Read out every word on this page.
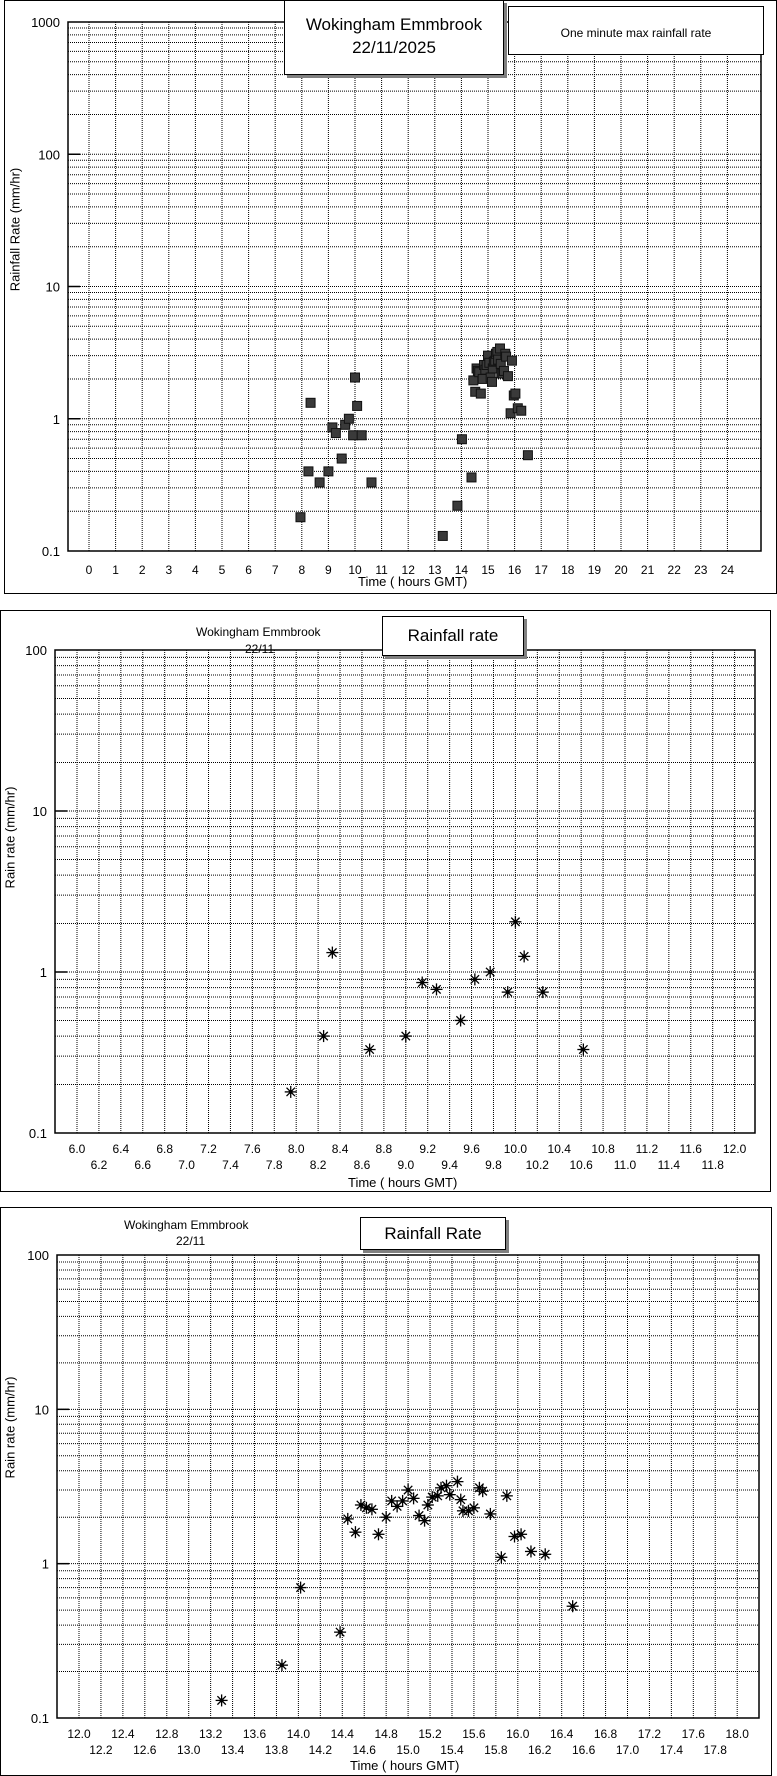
0.1
1
10
100
1000
0 1 2 3 4 5 6 7 8 9 10 11 12 13 14 15 16 17 18 19 20 21 22 23 24
Wokingham Emmbrook
22/11/2025
One minute max rainfall rate
Time ( hours GMT)
Rainfall Rate (mm/hr)
0.1
1
10
100
6.0 6.4 6.8 7.2 7.6 8.0 8.4 8.8 9.2 9.6 10.0 10.4 10.8 11.2 11.6 12.0
6.2 6.6 7.0 7.4 7.8 8.2 8.6 9.0 9.4 9.8 10.2 10.6 11.0 11.4 11.8
Wokingham Emmbrook
22/11
Rainfall rate
Time ( hours GMT)
Rain rate (mm/hr)
0.1
1
10
100
12.0 12.4 12.8 13.2 13.6 14.0 14.4 14.8 15.2 15.6 16.0 16.4 16.8 17.2 17.6 18.0
12.2 12.6 13.0 13.4 13.8 14.2 14.6 15.0 15.4 15.8 16.2 16.6 17.0 17.4 17.8
Wokingham Emmbrook
22/11	Rainfall Rate
Time ( hours GMT)
Rain rate (mm/hr)
